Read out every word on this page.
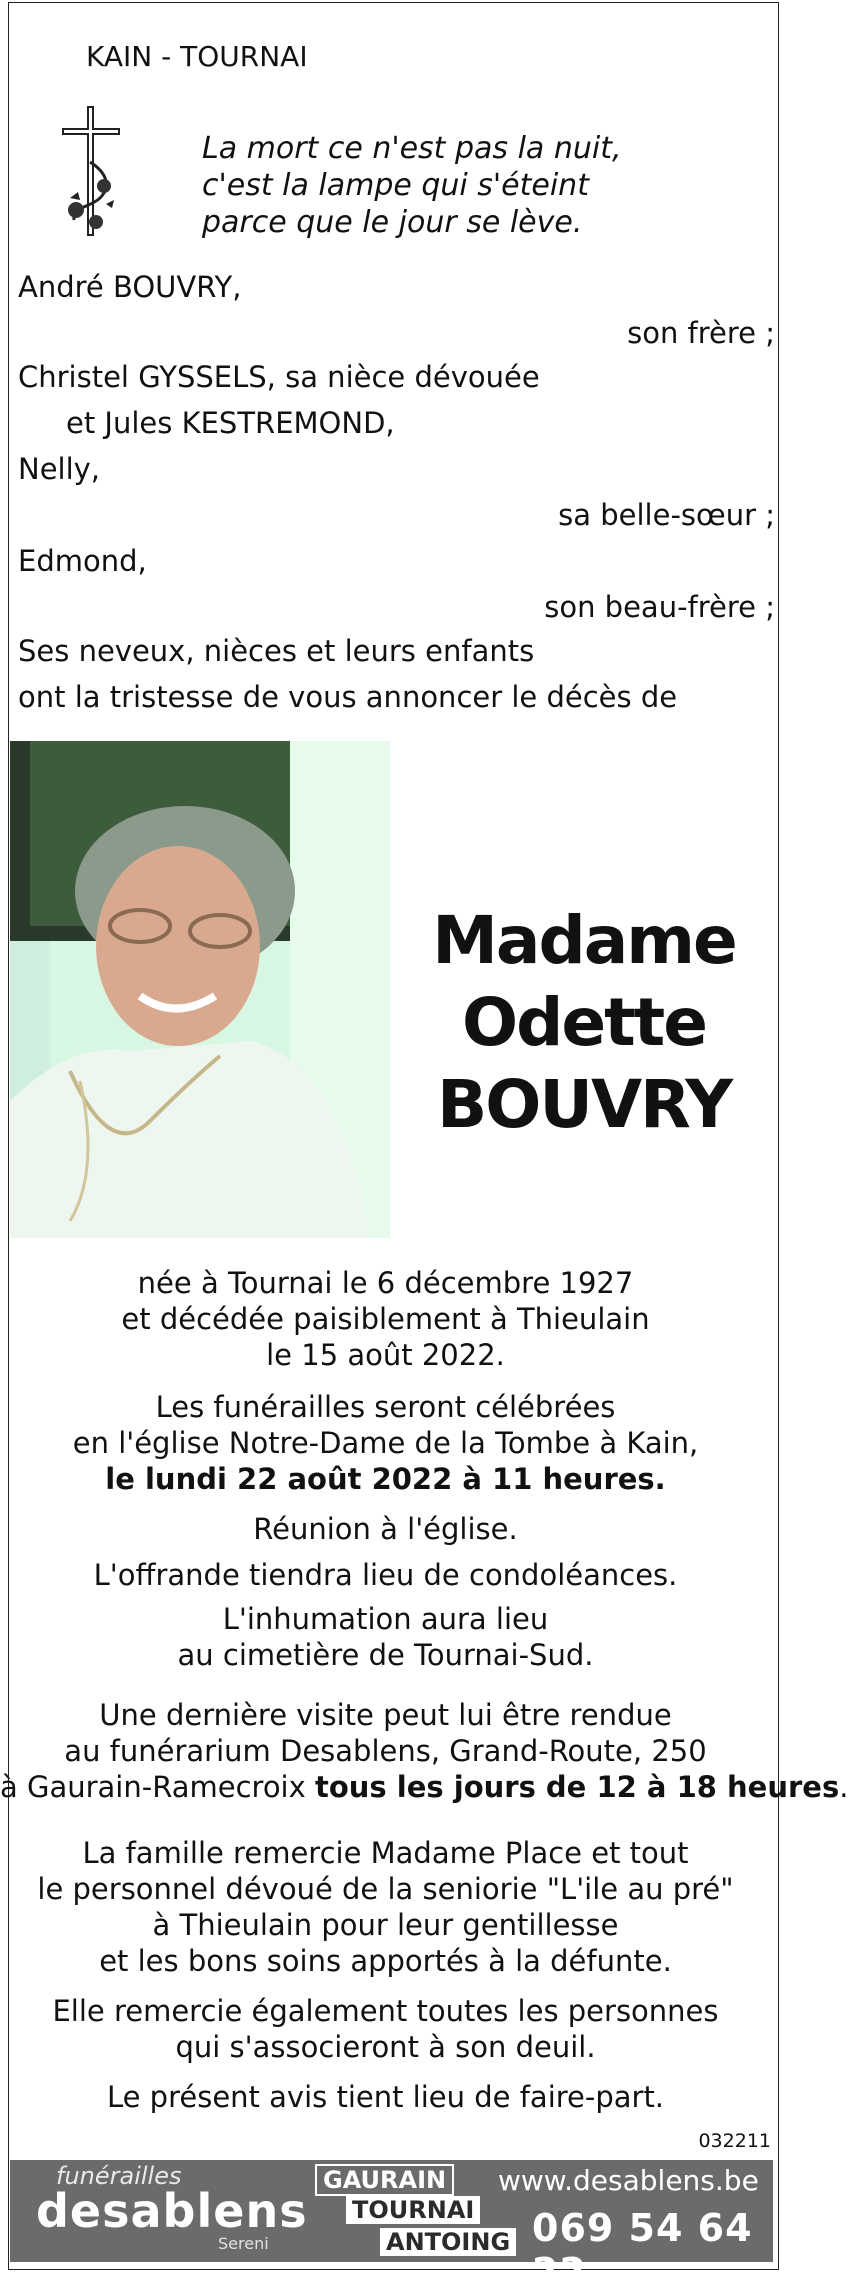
KAIN - TOURNAI
La mort ce n'est pas la nuit,
c'est la lampe qui s'éteint
parce que le jour se lève.
André BOUVRY,
son frère ;
Christel GYSSELS, sa nièce dévouée
et Jules KESTREMOND,
Nelly,
sa belle-sœur ;
Edmond,
son beau-frère ;
Ses neveux, nièces et leurs enfants
ont la tristesse de vous annoncer le décès de
Madame
Odette
BOUVRY
née à Tournai le 6 décembre 1927
et décédée paisiblement à Thieulain
le 15 août 2022.
Les funérailles seront célébrées
en l'église Notre-Dame de la Tombe à Kain,
le lundi 22 août 2022 à 11 heures.
Réunion à l'église.
L'offrande tiendra lieu de condoléances.
L'inhumation aura lieu
au cimetière de Tournai-Sud.
Une dernière visite peut lui être rendue
au funérarium Desablens, Grand-Route, 250
à Gaurain-Ramecroix tous les jours de 12 à 18 heures.
La famille remercie Madame Place et tout
le personnel dévoué de la seniorie "L'ile au pré"
à Thieulain pour leur gentillesse
et les bons soins apportés à la défunte.
Elle remercie également toutes les personnes
qui s'associeront à son deuil.
Le présent avis tient lieu de faire-part.
032211
funérailles
desablens
Sereni
GAURAIN
TOURNAI
ANTOING
www.desablens.be
069 54 64 22
